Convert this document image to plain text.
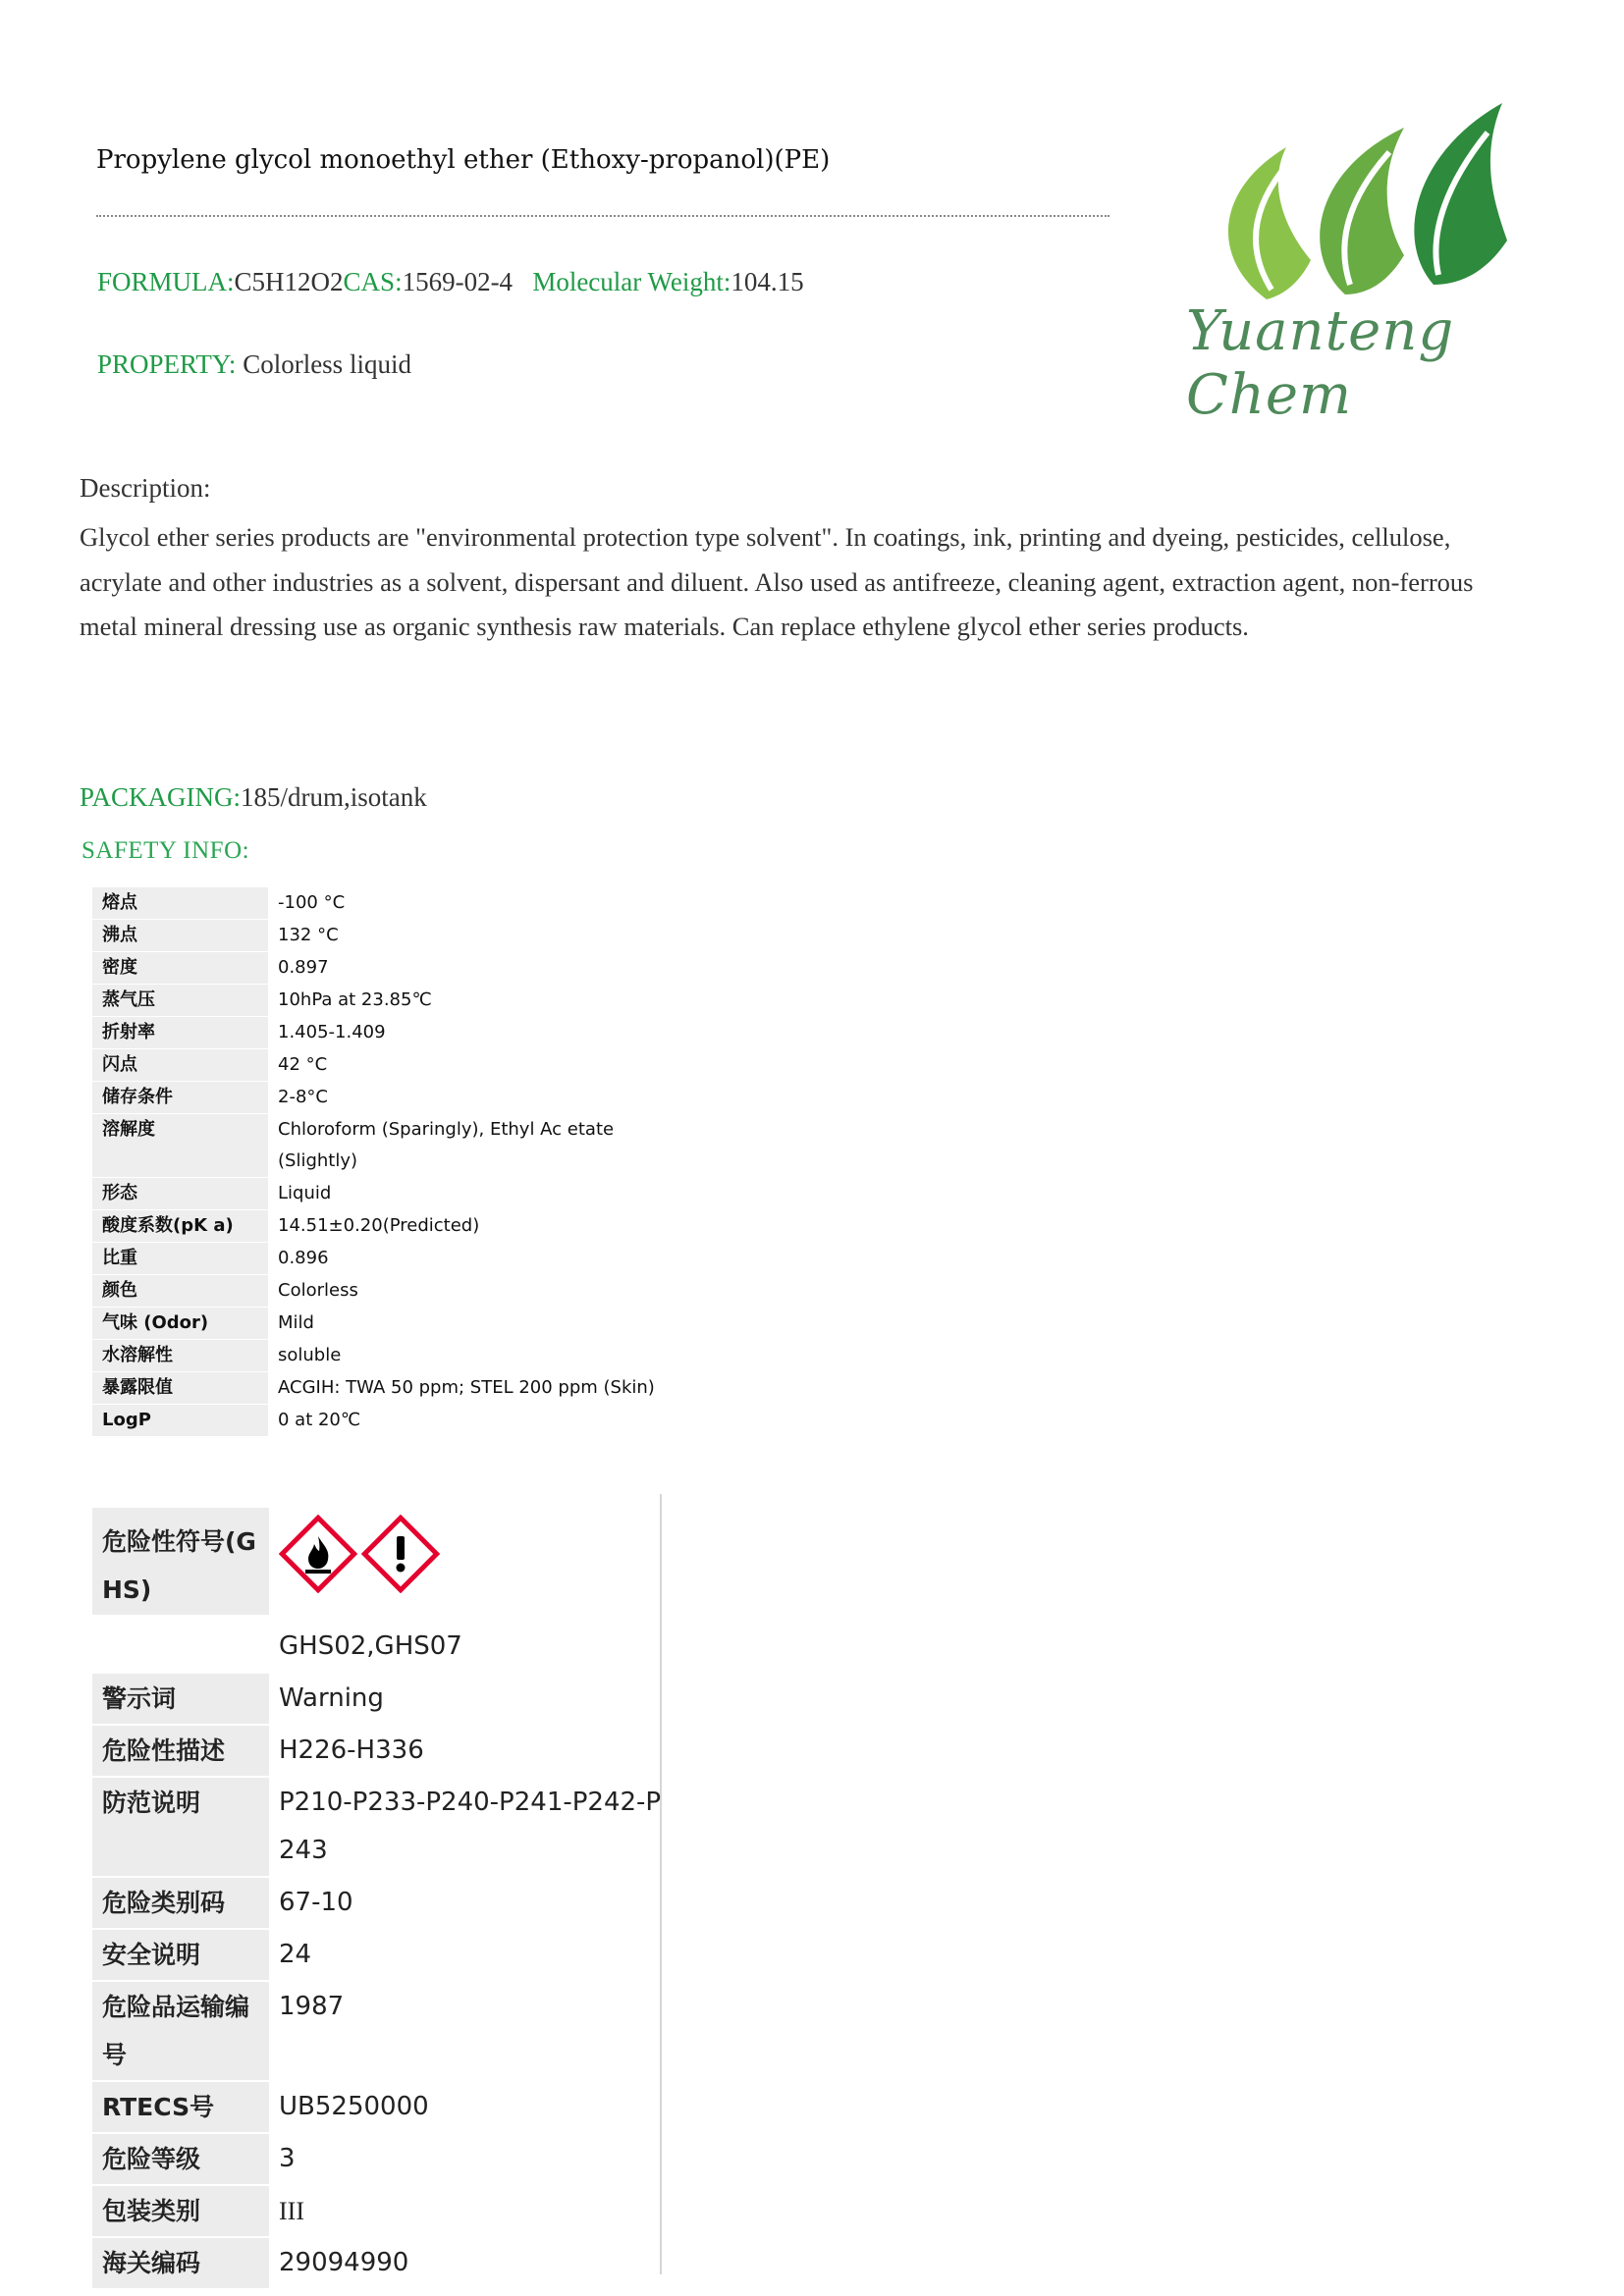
Propylene glycol monoethyl ether (Ethoxy-propanol)(PE)
FORMULA:C5H12O2CAS:1569-02-4 Molecular Weight:104.15
PROPERTY: Colorless liquid
Yuanteng Chem
Description:
Glycol ether series products are "environmental protection type solvent". In coatings, ink, printing and dyeing, pesticides, cellulose, acrylate and other industries as a solvent, dispersant and diluent. Also used as antifreeze, cleaning agent, extraction agent, non-ferrous metal mineral dressing use as organic synthesis raw materials. Can replace ethylene glycol ether series products.
PACKAGING:185/drum,isotank
SAFETY INFO:
熔点	-100 °C
沸点	132 °C
密度	0.897
蒸气压	10hPa at 23.85℃
折射率	1.405-1.409
闪点	42 °C
储存条件	2-8°C
溶解度	Chloroform (Sparingly), Ethyl Ac etate (Slightly)
形态	Liquid
酸度系数(pK a)	14.51±0.20(Predicted)
比重	0.896
颜色	Colorless
气味 (Odor)	Mild
水溶解性	soluble
暴露限值	ACGIH: TWA 50 ppm; STEL 200 ppm (Skin)
LogP	0 at 20℃
危险性符号(GHS)	

	GHS02,GHS07
警示词	Warning
危险性描述	H226-H336
防范说明	P210-P233-P240-P241-P242-P243
危险类别码	67-10
安全说明	24
危险品运输编号	1987
RTECS号	UB5250000
危险等级	3
包装类别	III
海关编码	29094990
